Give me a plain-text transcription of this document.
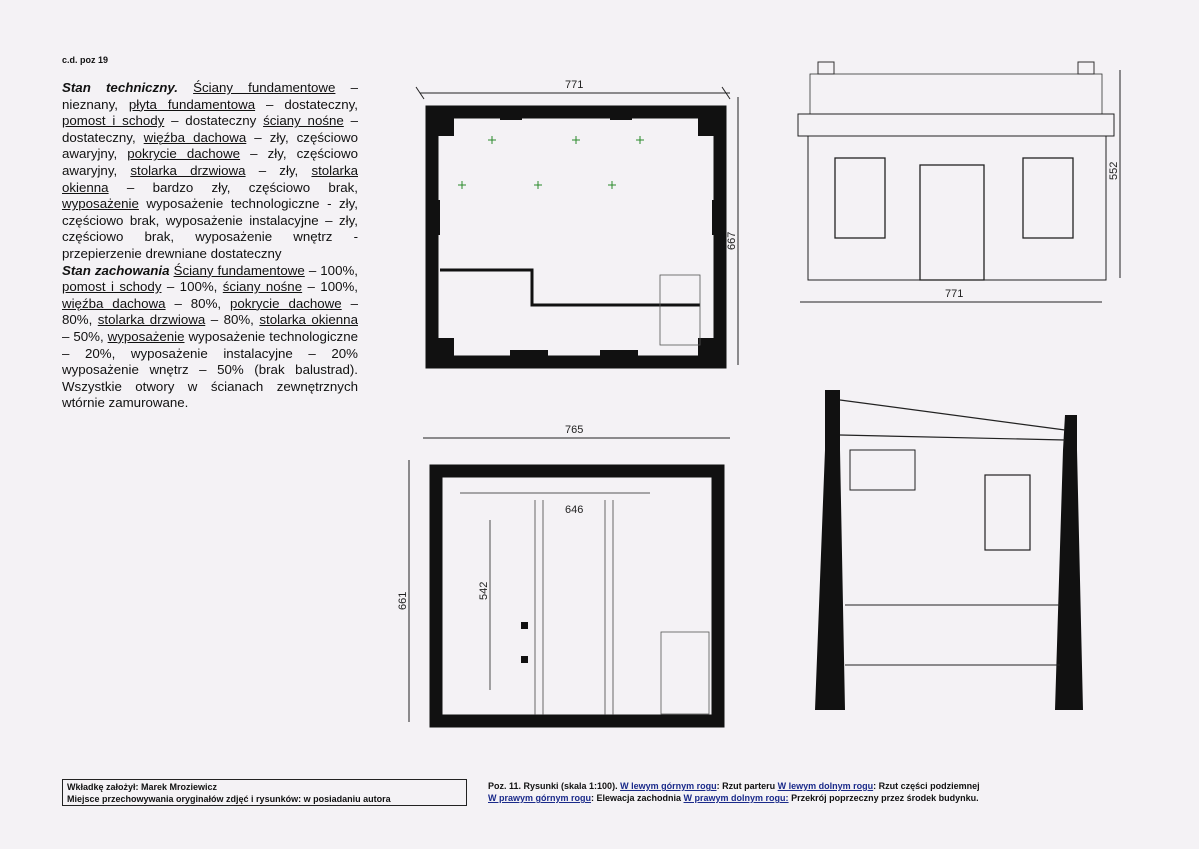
c.d. poz 19

Stan techniczny. Ściany fundamentowe – nieznany, płyta fundamentowa – dostateczny, pomost i schody – dostateczny ściany nośne – dostateczny, więźba dachowa – zły, częściowo awaryjny, pokrycie dachowe – zły, częściowo awaryjny, stolarka drzwiowa – zły, stolarka okienna – bardzo zły, częściowo brak, wyposażenie wyposażenie technologiczne - zły, częściowo brak, wyposażenie instalacyjne – zły, częściowo brak, wyposażenie wnętrz - przepierzenie drewniane dostateczny

Stan zachowania Ściany fundamentowe – 100%, pomost i schody – 100%, ściany nośne – 100%, więźba dachowa – 80%, pokrycie dachowe – 80%, stolarka drzwiowa – 80%, stolarka okienna – 50%, wyposażenie wyposażenie technologiczne – 20%, wyposażenie instalacyjne – 20% wyposażenie wnętrz – 50% (brak balustrad). Wszystkie otwory w ścianach zewnętrznych wtórnie zamurowane.

771
667
765
661
646
542
771
552
Wkładkę założył: Marek Mroziewicz
Miejsce przechowywania oryginałów zdjęć i rysunków: w posiadaniu autora
Poz. 11. Rysunki (skala 1:100). W lewym górnym rogu: Rzut parteru W lewym dolnym rogu: Rzut części podziemnej
W prawym górnym rogu: Elewacja zachodnia W prawym dolnym rogu: Przekrój poprzeczny przez środek budynku.
